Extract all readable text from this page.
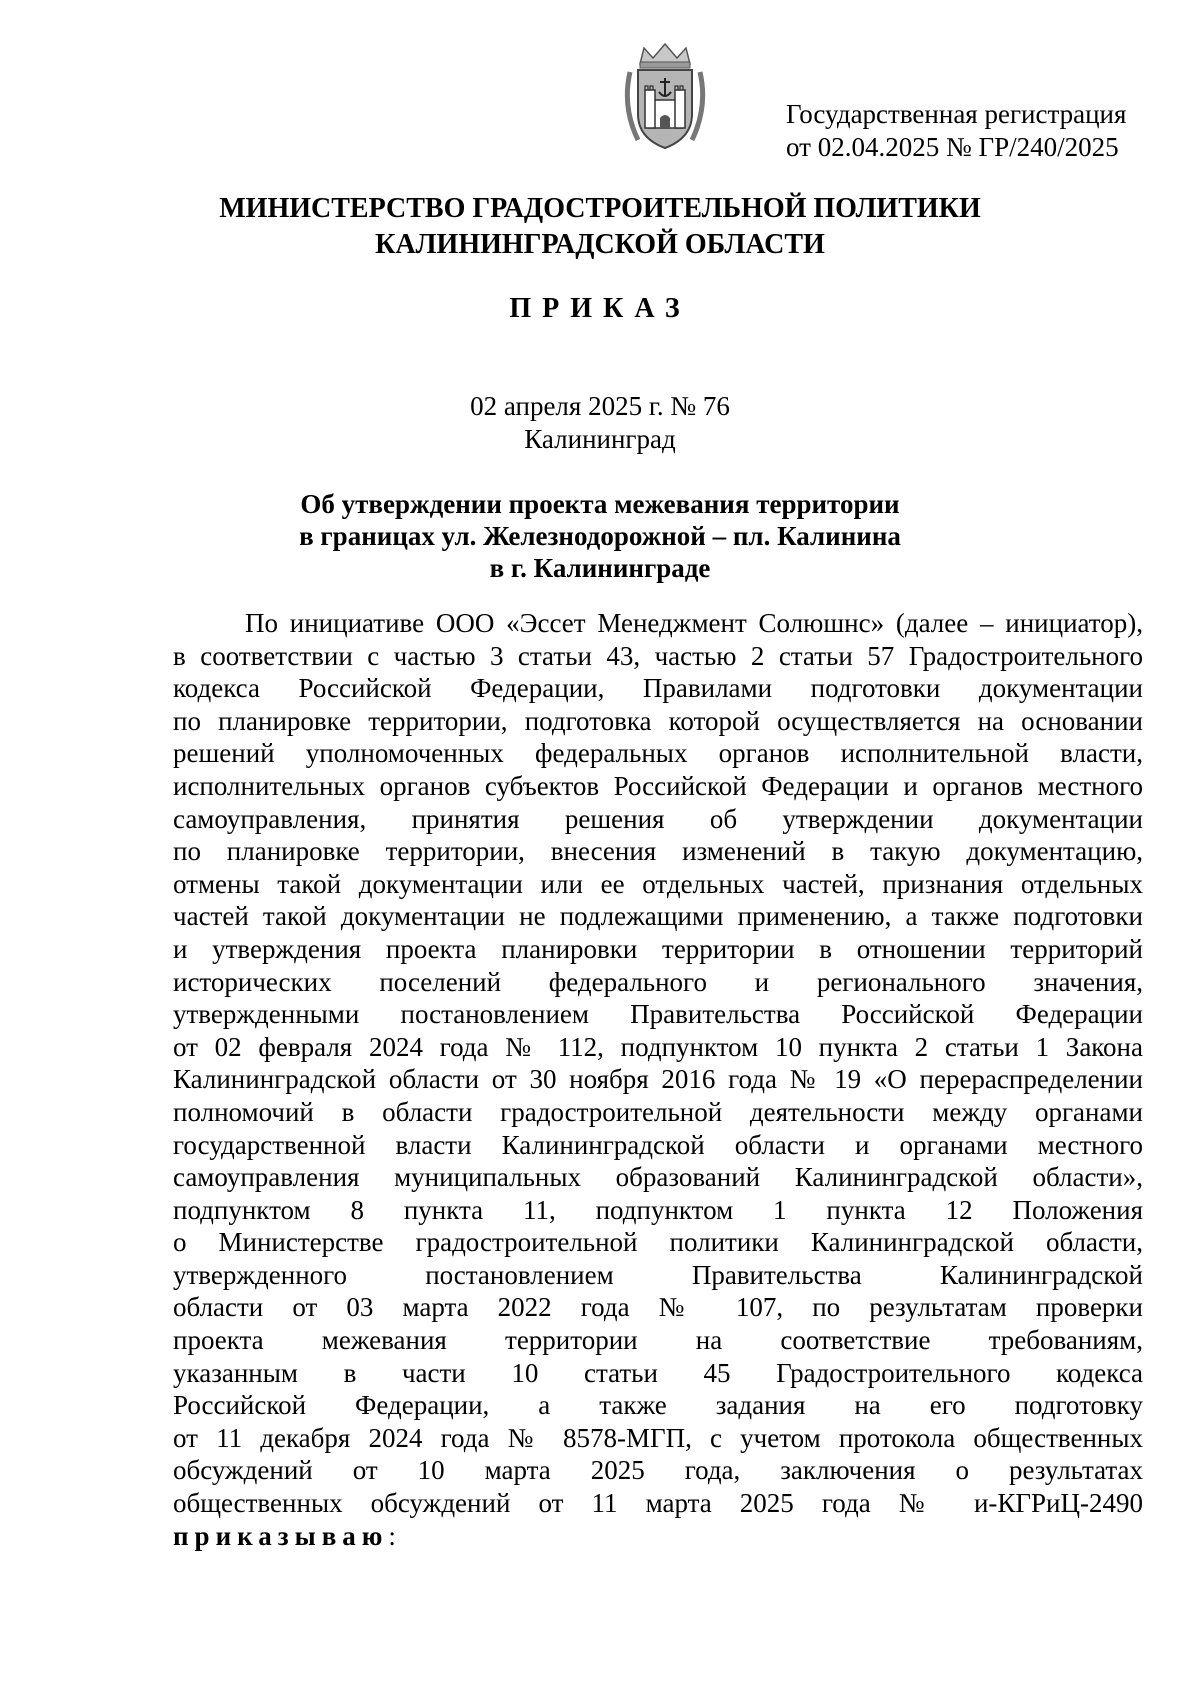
Государственная регистрация
от 02.04.2025 № ГР/240/2025
МИНИСТЕРСТВО ГРАДОСТРОИТЕЛЬНОЙ ПОЛИТИКИ
КАЛИНИНГРАДСКОЙ ОБЛАСТИ
ПРИКАЗ
02 апреля 2025 г. № 76
Калининград
Об утверждении проекта межевания территории
в границах ул. Железнодорожной – пл. Калинина
в г. Калининграде
По инициативе ООО «Эссет Менеджмент Солюшнс» (далее – инициатор),
в соответствии с частью 3 статьи 43, частью 2 статьи 57 Градостроительного
кодекса Российской Федерации, Правилами подготовки документации
по планировке территории, подготовка которой осуществляется на основании
решений уполномоченных федеральных органов исполнительной власти,
исполнительных органов субъектов Российской Федерации и органов местного
самоуправления, принятия решения об утверждении документации
по планировке территории, внесения изменений в такую документацию,
отмены такой документации или ее отдельных частей, признания отдельных
частей такой документации не подлежащими применению, а также подготовки
и утверждения проекта планировки территории в отношении территорий
исторических поселений федерального и регионального значения,
утвержденными постановлением Правительства Российской Федерации
от 02 февраля 2024 года № 112, подпунктом 10 пункта 2 статьи 1 Закона
Калининградской области от 30 ноября 2016 года № 19 «О перераспределении
полномочий в области градостроительной деятельности между органами
государственной власти Калининградской области и органами местного
самоуправления муниципальных образований Калининградской области»,
подпунктом 8 пункта 11, подпунктом 1 пункта 12 Положения
о Министерстве градостроительной политики Калининградской области,
утвержденного постановлением Правительства Калининградской
области от 03 марта 2022 года № 107, по результатам проверки
проекта межевания территории на соответствие требованиям,
указанным в части 10 статьи 45 Градостроительного кодекса
Российской Федерации, а также задания на его подготовку
от 11 декабря 2024 года № 8578-МГП, с учетом протокола общественных
обсуждений от 10 марта 2025 года, заключения о результатах
общественных обсуждений от 11 марта 2025 года № и-КГРиЦ-2490
приказываю:
